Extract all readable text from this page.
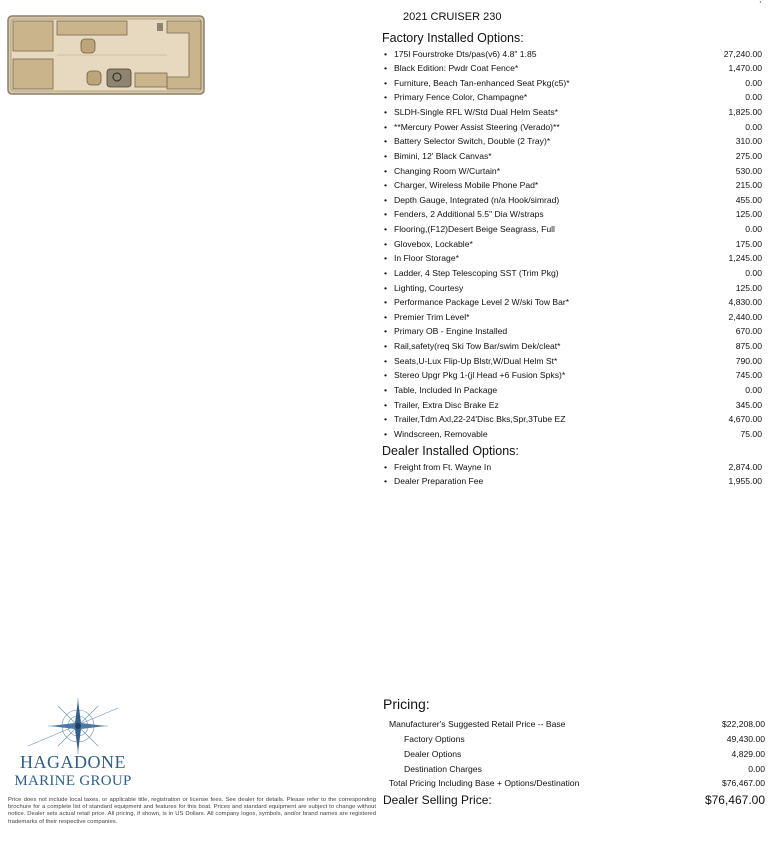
2021 CRUISER 230
Factory Installed Options:
• 175l Fourstroke Dts/pas(v6) 4.8" 1.85	27,240.00
• Black Edition: Pwdr Coat Fence*	1,470.00
• Furniture, Beach Tan-enhanced Seat Pkg(c5)*	0.00
• Primary Fence Color, Champagne*	0.00
• SLDH-Single RFL W/Std Dual Helm Seats*	1,825.00
• **Mercury Power Assist Steering (Verado)**	0.00
• Battery Selector Switch, Double (2 Tray)*	310.00
• Bimini, 12' Black Canvas*	275.00
• Changing Room W/Curtain*	530.00
• Charger, Wireless Mobile Phone Pad*	215.00
• Depth Gauge, Integrated (n/a Hook/simrad)	455.00
• Fenders, 2 Additional 5.5" Dia W/straps	125.00
• Flooring,(F12)Desert Beige Seagrass, Full	0.00
• Glovebox, Lockable*	175.00
• In Floor Storage*	1,245.00
• Ladder, 4 Step Telescoping SST (Trim Pkg)	0.00
• Lighting, Courtesy	125.00
• Performance Package Level 2 W/ski Tow Bar*	4,830.00
• Premier Trim Level*	2,440.00
• Primary OB - Engine Installed	670.00
• Rail,safety(req Ski Tow Bar/swim Dek/cleat*	875.00
• Seats,U-Lux Flip-Up Blstr,W/Dual Helm St*	790.00
• Stereo Upgr Pkg 1-(jl Head +6 Fusion Spks)*	745.00
• Table, Included In Package	0.00
• Trailer, Extra Disc Brake Ez	345.00
• Trailer,Tdm Axl,22-24'Disc Bks,Spr,3Tube EZ	4,670.00
• Windscreen, Removable	75.00
Dealer Installed Options:
• Freight from Ft. Wayne In	2,874.00
• Dealer Preparation Fee	1,955.00
Pricing:
Manufacturer's Suggested Retail Price -- Base	$22,208.00
Factory Options	49,430.00
Dealer Options	4,829.00
Destination Charges	0.00
Total Pricing Including Base + Options/Destination	$76,467.00
Dealer Selling Price:	$76,467.00
HAGADONE
MARINE GROUP
Price does not include local taxes, or applicable title, registration or license fees. See dealer for details. Please refer to the corresponding brochure for a complete list of standard equipment and features for this boat. Prices and standard equipment are subject to change without notice. Dealer sets actual retail price. All pricing, if shown, is in US Dollars. All company logos, symbols, and/or brand names are registered trademarks of their respective companies.
